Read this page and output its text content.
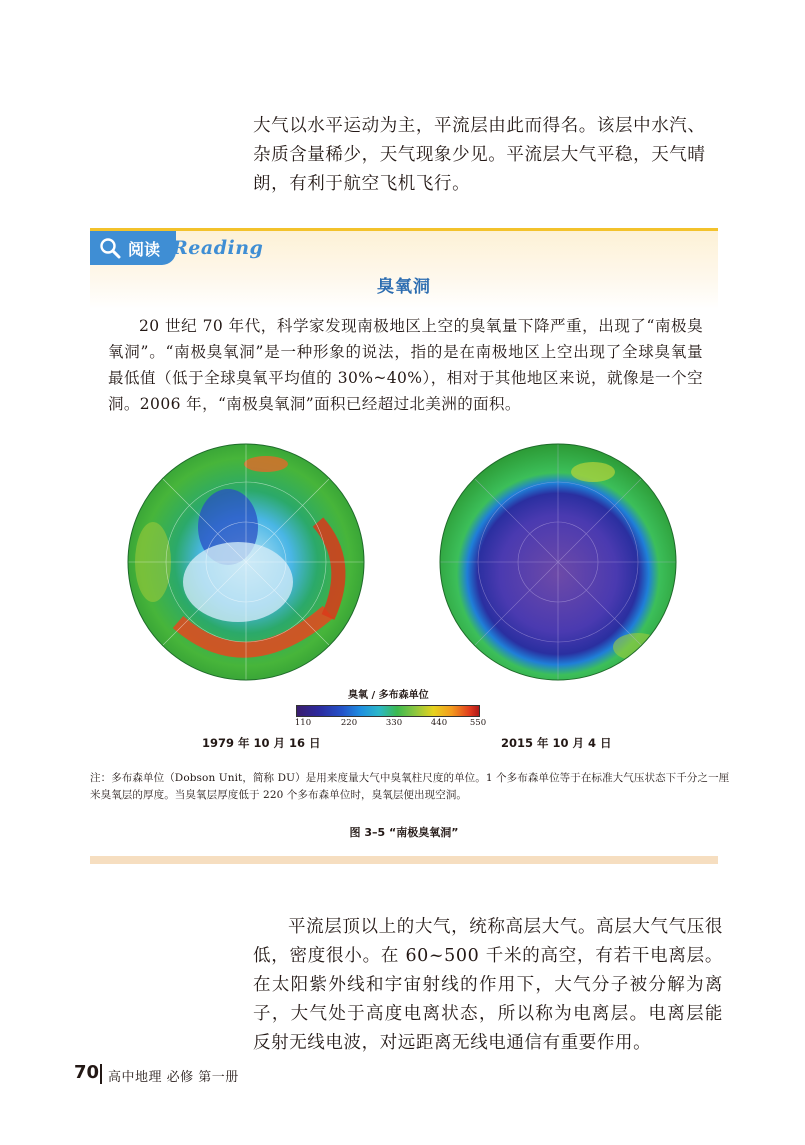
大气以水平运动为主，平流层由此而得名。该层中水汽、杂质含量稀少，天气现象少见。平流层大气平稳，天气晴朗，有利于航空飞机飞行。
阅读 Reading
臭氧洞
20 世纪 70 年代，科学家发现南极地区上空的臭氧量下降严重，出现了“南极臭氧洞”。“南极臭氧洞”是一种形象的说法，指的是在南极地区上空出现了全球臭氧量最低值（低于全球臭氧平均值的 30%~40%），相对于其他地区来说，就像是一个空洞。2006 年，“南极臭氧洞”面积已经超过北美洲的面积。
臭氧 / 多布森单位
110	220	330	440	550
1979 年 10 月 16 日	2015 年 10 月 4 日
注：多布森单位（Dobson Unit，简称 DU）是用来度量大气中臭氧柱尺度的单位。1 个多布森单位等于在标准大气压状态下千分之一厘米臭氧层的厚度。当臭氧层厚度低于 220 个多布森单位时，臭氧层便出现空洞。
图 3–5 “南极臭氧洞”
平流层顶以上的大气，统称高层大气。高层大气气压很低，密度很小。在 60~500 千米的高空，有若干电离层。在太阳紫外线和宇宙射线的作用下，大气分子被分解为离子，大气处于高度电离状态，所以称为电离层。电离层能反射无线电波，对远距离无线电通信有重要作用。
70 高中地理 必修 第一册
